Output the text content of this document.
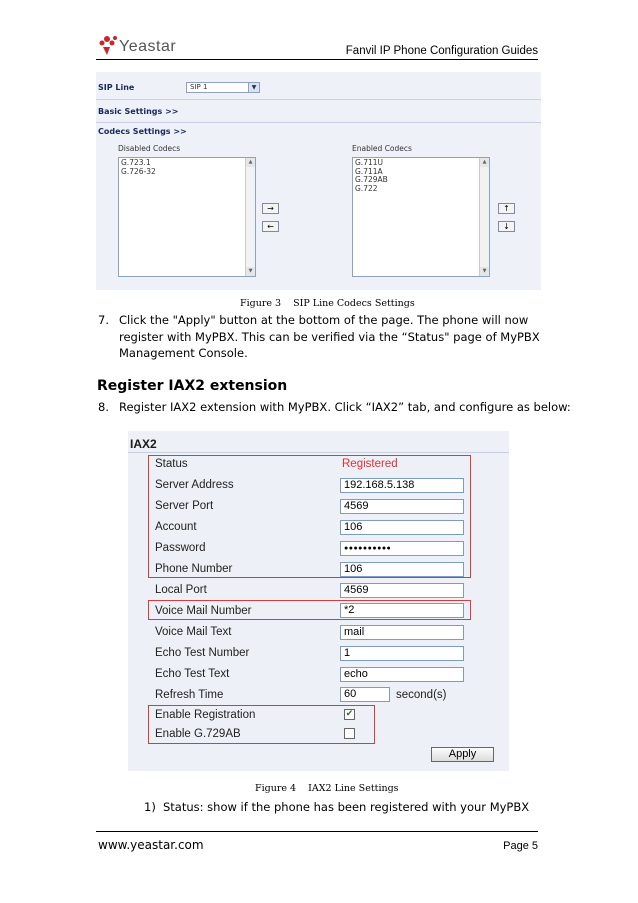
Yeastar	Fanvil IP Phone Configuration Guides
SIP Line	SIP 1	▼
Basic Settings >>
Codecs Settings >>
Disabled Codecs
G.723.1
G.726-32
▲
▼
→
←
Enabled Codecs
G.711U
G.711A
G.729AB
G.722
▲
▼
↑
↓
Figure 3    SIP Line Codecs Settings
7. Click the "Apply" button at the bottom of the page. The phone will now register with MyPBX. This can be verified via the “Status" page of MyPBX Management Console.
Register IAX2 extension
8. Register IAX2 extension with MyPBX. Click “IAX2” tab, and configure as below:
IAX2
Status	Registered
Server Address	192.168.5.138
Server Port	4569
Account	106
Password	●●●●●●●●●●
Phone Number	106
Local Port	4569
Voice Mail Number	*2
Voice Mail Text	mail
Echo Test Number	1
Echo Test Text	echo
Refresh Time	60	second(s)
Enable Registration	✔
Enable G.729AB
Apply
Figure 4    IAX2 Line Settings
1) Status: show if the phone has been registered with your MyPBX
www.yeastar.com	Page 5
